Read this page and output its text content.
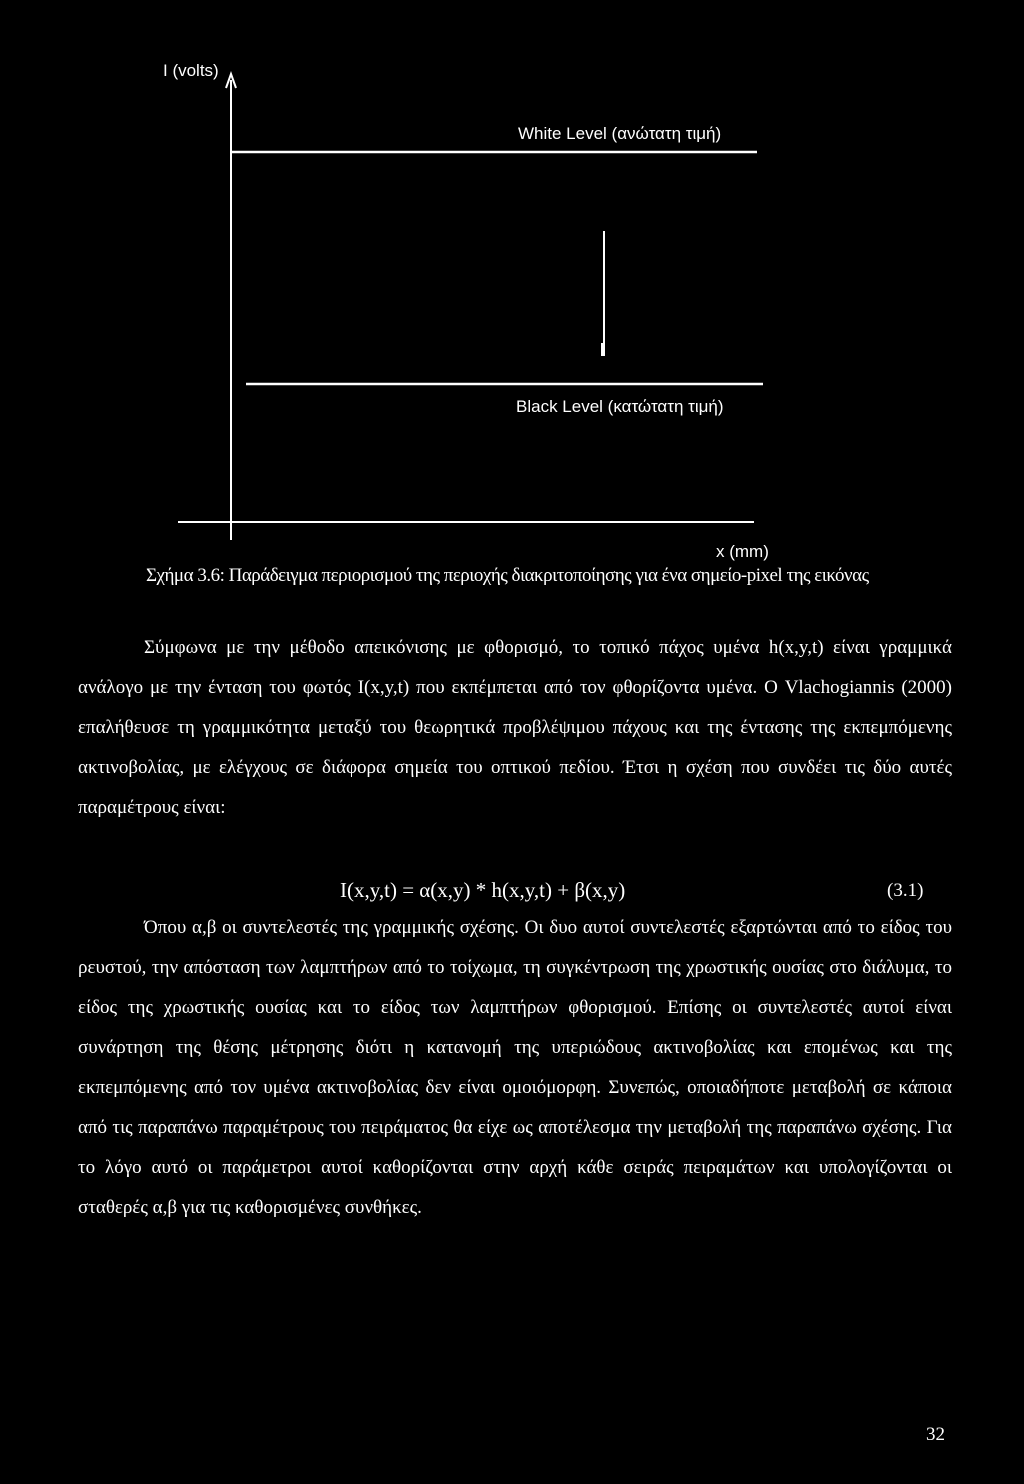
I (volts)
White Level (ανώτατη τιμή)
Black Level (κατώτατη τιμή)
x (mm)
Σχήμα 3.6: Παράδειγμα περιορισμού της περιοχής διακριτοποίησης για ένα σημείο-pixel της εικόνας

Σύμφωνα με την μέθοδο απεικόνισης με φθορισμό, το τοπικό πάχος υμένα h(x,y,t) είναι γραμμικά ανάλογο με την ένταση του φωτός I(x,y,t) που εκπέμπεται από τον φθορίζοντα υμένα. Ο Vlachogiannis (2000) επαλήθευσε τη γραμμικότητα μεταξύ του θεωρητικά προβλέψιμου πάχους και της έντασης της εκπεμπόμενης ακτινοβολίας, με ελέγχους σε διάφορα σημεία του οπτικού πεδίου. Έτσι η σχέση που συνδέει τις δύο αυτές παραμέτρους είναι:

I(x,y,t) = α(x,y) * h(x,y,t) + β(x,y)	(3.1)

Όπου α,β οι συντελεστές της γραμμικής σχέσης. Οι δυο αυτοί συντελεστές εξαρτώνται από το είδος του ρευστού, την απόσταση των λαμπτήρων από το τοίχωμα, τη συγκέντρωση της χρωστικής ουσίας στο διάλυμα, το είδος της χρωστικής ουσίας και το είδος των λαμπτήρων φθορισμού. Επίσης οι συντελεστές αυτοί είναι συνάρτηση της θέσης μέτρησης διότι η κατανομή της υπεριώδους ακτινοβολίας και επομένως και της εκπεμπόμενης από τον υμένα ακτινοβολίας δεν είναι ομοιόμορφη. Συνεπώς, οποιαδήποτε μεταβολή σε κάποια από τις παραπάνω παραμέτρους του πειράματος θα είχε ως αποτέλεσμα την μεταβολή της παραπάνω σχέσης. Για το λόγο αυτό οι παράμετροι αυτοί καθορίζονται στην αρχή κάθε σειράς πειραμάτων και υπολογίζονται οι σταθερές α,β για τις καθορισμένες συνθήκες.

32
